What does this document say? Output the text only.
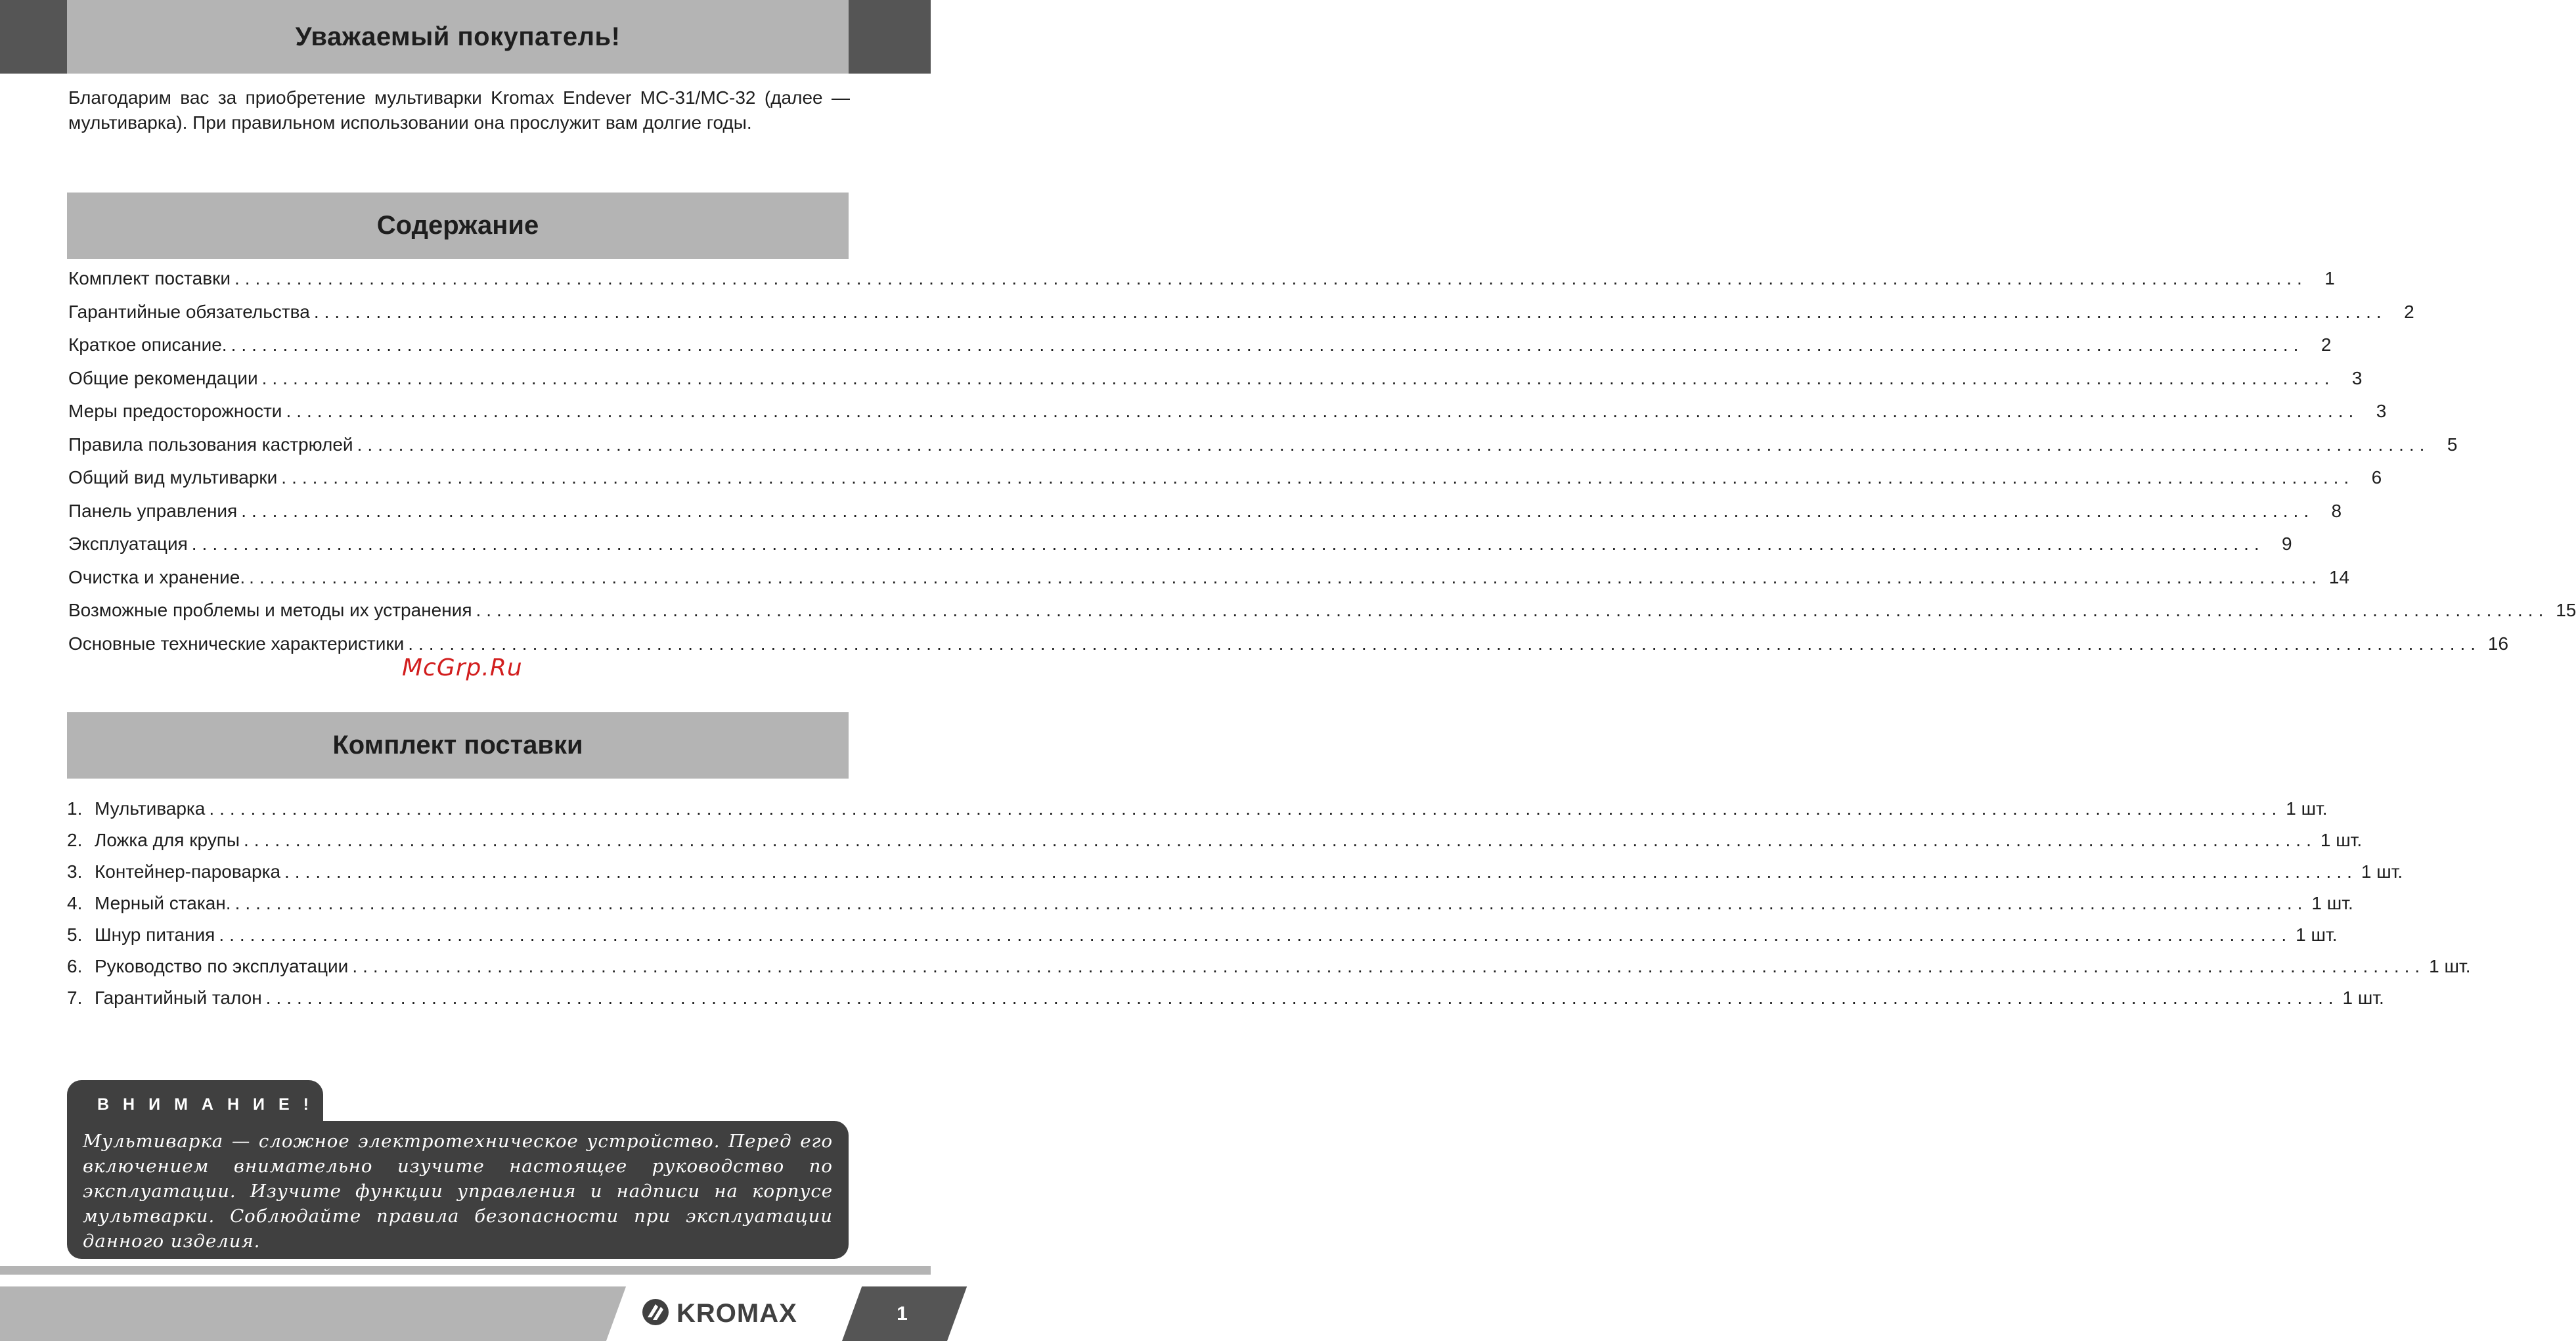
Уважаемый покупатель!
Благодарим вас за приобретение мультиварки Kromax Endever MC-31/MC-32 (далее — мультиварка). При правильном использовании она прослужит вам долгие годы.
Содержание
Комплект поставки ........................................................................................................................................................................................................ 1
Гарантийные обязательства ........................................................................................................................................................................................................ 2
Краткое описание. ........................................................................................................................................................................................................ 2
Общие рекомендации ........................................................................................................................................................................................................ 3
Меры предосторожности ........................................................................................................................................................................................................ 3
Правила пользования кастрюлей ........................................................................................................................................................................................................ 5
Общий вид мультиварки ........................................................................................................................................................................................................ 6
Панель управления ........................................................................................................................................................................................................ 8
Эксплуатация ........................................................................................................................................................................................................ 9
Очистка и хранение. ........................................................................................................................................................................................................ 14
Возможные проблемы и методы их устранения ........................................................................................................................................................................................................ 15
Основные технические характеристики ........................................................................................................................................................................................................ 16
McGrp.Ru
Комплект поставки
1. Мультиварка ........................................................................................................................................................................................................ 1 шт.
2. Ложка для крупы ........................................................................................................................................................................................................ 1 шт.
3. Контейнер-пароварка ........................................................................................................................................................................................................ 1 шт.
4. Мерный стакан. ........................................................................................................................................................................................................ 1 шт.
5. Шнур питания ........................................................................................................................................................................................................ 1 шт.
6. Руководство по эксплуатации ........................................................................................................................................................................................................ 1 шт.
7. Гарантийный талон ........................................................................................................................................................................................................ 1 шт.
Мультиварка — сложное электротехническое устройство. Перед его включением внимательно изучите настоящее руководство по эксплуатации. Изучите функции управления и надписи на корпусе мультварки. Соблюдайте правила безопасности при эксплуатации данного изделия.
ВНИМАНИЕ!
KROMAX	1
